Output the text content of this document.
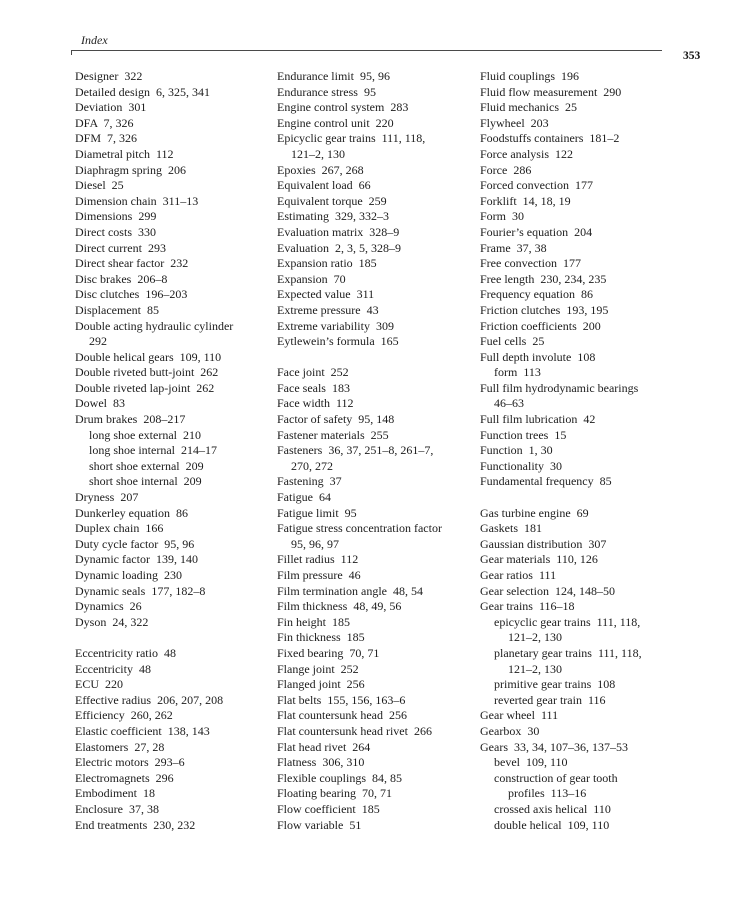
Index
353
Designer  322
Detailed design  6, 325, 341
Deviation  301
DFA  7, 326
DFM  7, 326
Diametral pitch  112
Diaphragm spring  206
Diesel  25
Dimension chain  311–13
Dimensions  299
Direct costs  330
Direct current  293
Direct shear factor  232
Disc brakes  206–8
Disc clutches  196–203
Displacement  85
Double acting hydraulic cylinder
292
Double helical gears  109, 110
Double riveted butt-joint  262
Double riveted lap-joint  262
Dowel  83
Drum brakes  208–217
long shoe external  210
long shoe internal  214–17
short shoe external  209
short shoe internal  209
Dryness  207
Dunkerley equation  86
Duplex chain  166
Duty cycle factor  95, 96
Dynamic factor  139, 140
Dynamic loading  230
Dynamic seals  177, 182–8
Dynamics  26
Dyson  24, 322
Eccentricity ratio  48
Eccentricity  48
ECU  220
Effective radius  206, 207, 208
Efficiency  260, 262
Elastic coefficient  138, 143
Elastomers  27, 28
Electric motors  293–6
Electromagnets  296
Embodiment  18
Enclosure  37, 38
End treatments  230, 232
Endurance limit  95, 96
Endurance stress  95
Engine control system  283
Engine control unit  220
Epicyclic gear trains  111, 118,
121–2, 130
Epoxies  267, 268
Equivalent load  66
Equivalent torque  259
Estimating  329, 332–3
Evaluation matrix  328–9
Evaluation  2, 3, 5, 328–9
Expansion ratio  185
Expansion  70
Expected value  311
Extreme pressure  43
Extreme variability  309
Eytlewein’s formula  165
Face joint  252
Face seals  183
Face width  112
Factor of safety  95, 148
Fastener materials  255
Fasteners  36, 37, 251–8, 261–7,
270, 272
Fastening  37
Fatigue  64
Fatigue limit  95
Fatigue stress concentration factor
95, 96, 97
Fillet radius  112
Film pressure  46
Film termination angle  48, 54
Film thickness  48, 49, 56
Fin height  185
Fin thickness  185
Fixed bearing  70, 71
Flange joint  252
Flanged joint  256
Flat belts  155, 156, 163–6
Flat countersunk head  256
Flat countersunk head rivet  266
Flat head rivet  264
Flatness  306, 310
Flexible couplings  84, 85
Floating bearing  70, 71
Flow coefficient  185
Flow variable  51
Fluid couplings  196
Fluid flow measurement  290
Fluid mechanics  25
Flywheel  203
Foodstuffs containers  181–2
Force analysis  122
Force  286
Forced convection  177
Forklift  14, 18, 19
Form  30
Fourier’s equation  204
Frame  37, 38
Free convection  177
Free length  230, 234, 235
Frequency equation  86
Friction clutches  193, 195
Friction coefficients  200
Fuel cells  25
Full depth involute  108
form  113
Full film hydrodynamic bearings
46–63
Full film lubrication  42
Function trees  15
Function  1, 30
Functionality  30
Fundamental frequency  85
Gas turbine engine  69
Gaskets  181
Gaussian distribution  307
Gear materials  110, 126
Gear ratios  111
Gear selection  124, 148–50
Gear trains  116–18
epicyclic gear trains  111, 118,
121–2, 130
planetary gear trains  111, 118,
121–2, 130
primitive gear trains  108
reverted gear train  116
Gear wheel  111
Gearbox  30
Gears  33, 34, 107–36, 137–53
bevel  109, 110
construction of gear tooth
profiles  113–16
crossed axis helical  110
double helical  109, 110
